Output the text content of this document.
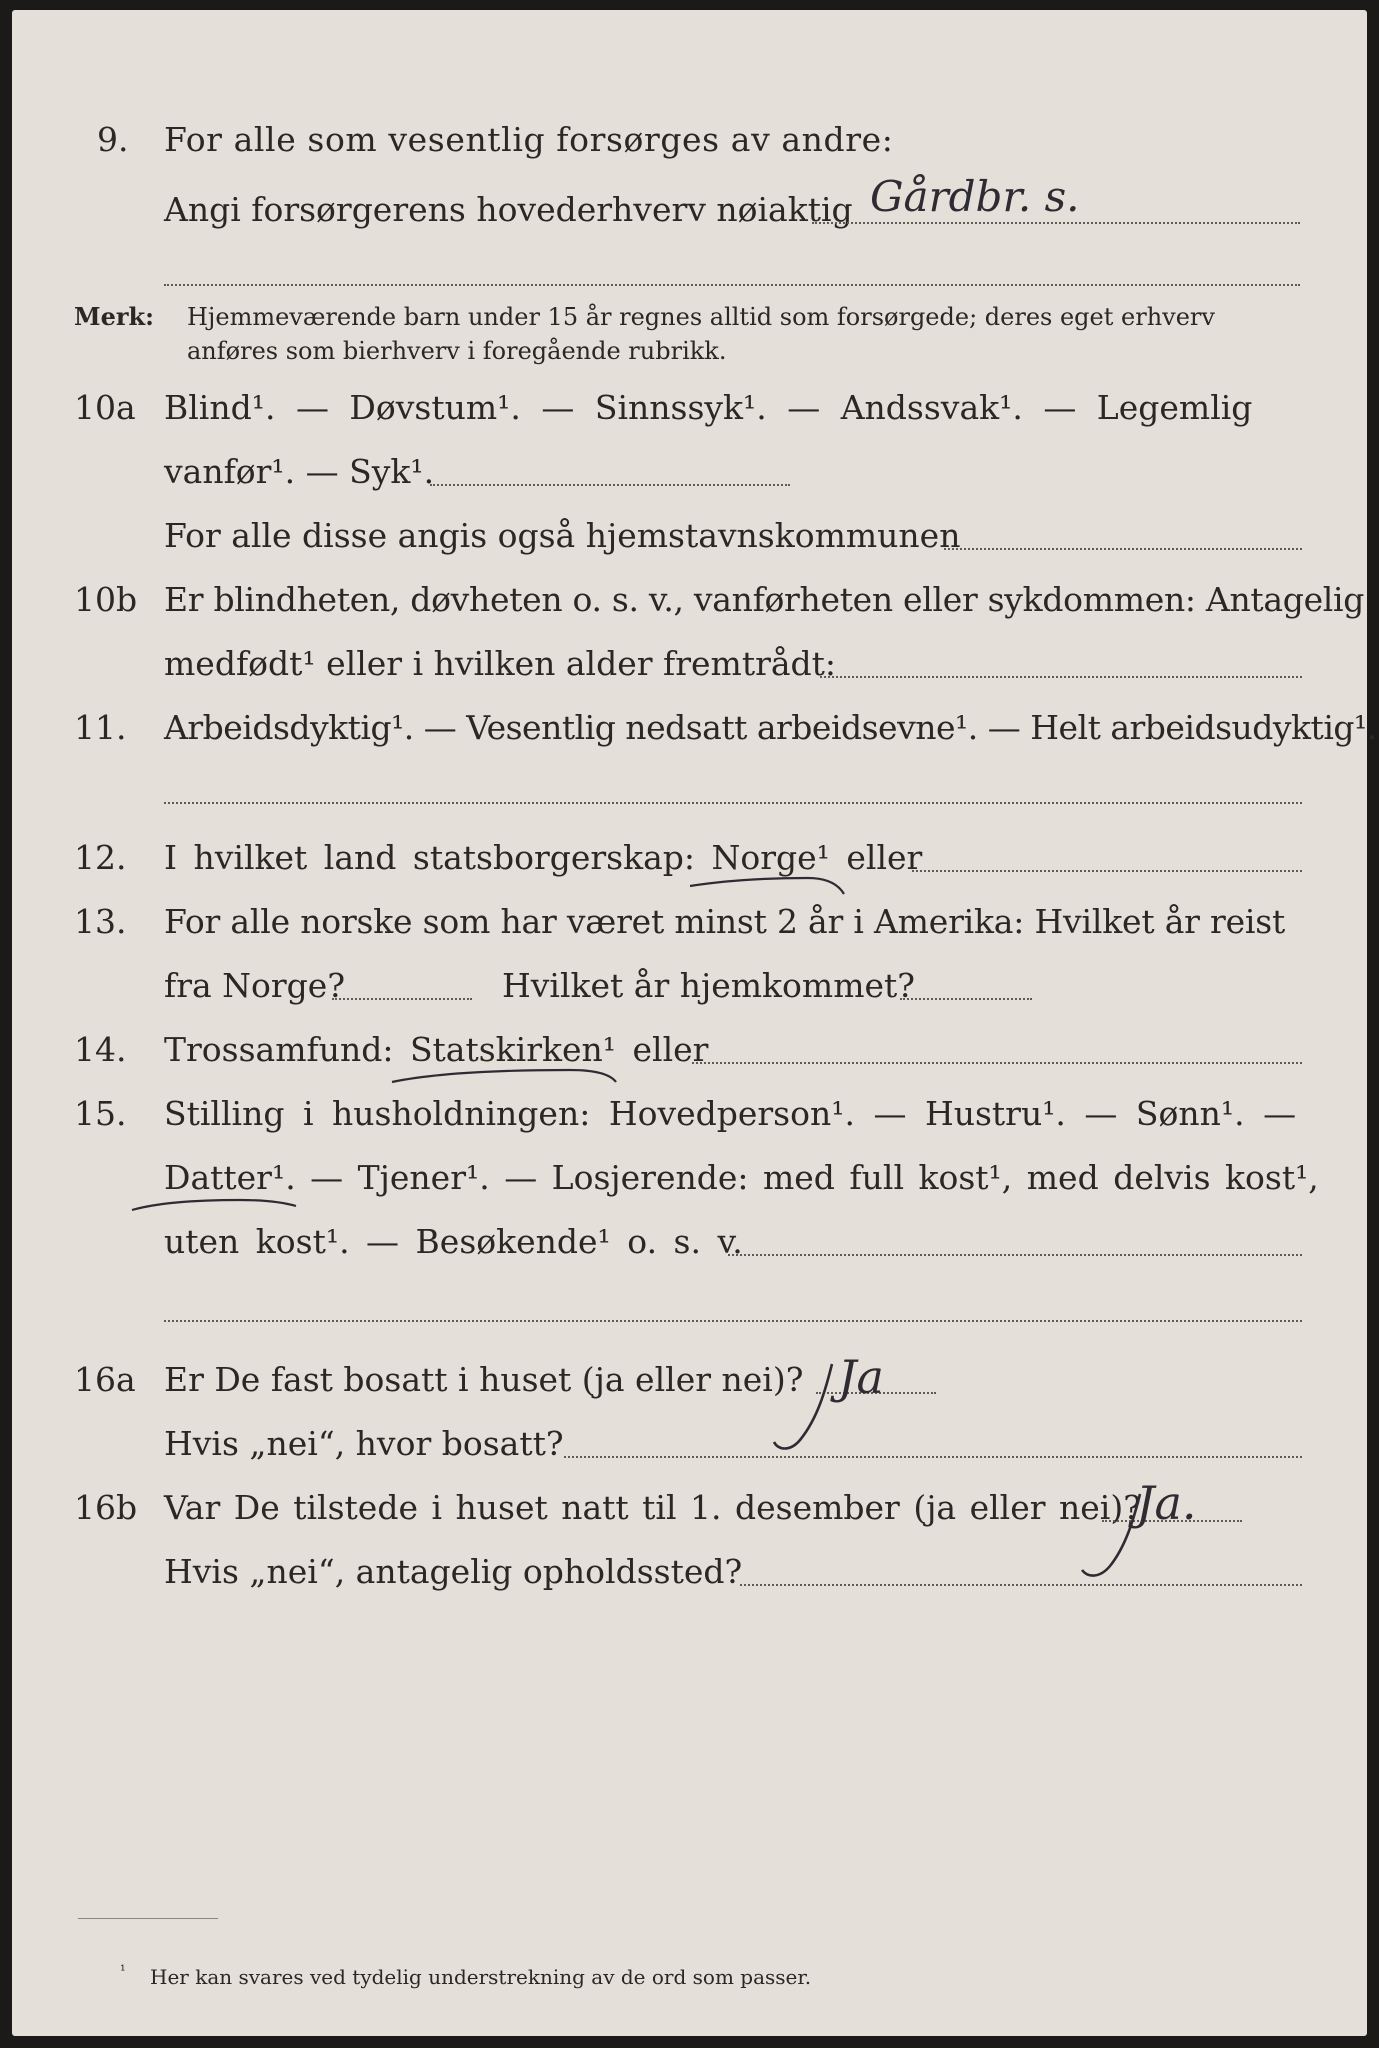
9. For alle som vesentlig forsørges av andre:
Angi forsørgerens hovederhverv nøiaktig Gårdbr. s.
Merk: Hjemmeværende barn under 15 år regnes alltid som forsørgede; deres eget erhverv
anføres som bierhverv i foregående rubrikk.
10a Blind¹. — Døvstum¹. — Sinnssyk¹. — Andssvak¹. — Legemlig
vanfør¹. — Syk¹.
For alle disse angis også hjemstavnskommunen
10b Er blindheten, døvheten o. s. v., vanførheten eller sykdommen: Antagelig
medfødt¹ eller i hvilken alder fremtrådt:
11. Arbeidsdyktig¹. — Vesentlig nedsatt arbeidsevne¹. — Helt arbeidsudyktig¹.
12. I hvilket land statsborgerskap: Norge¹ eller
13. For alle norske som har været minst 2 år i Amerika: Hvilket år reist
fra Norge?	Hvilket år hjemkommet?
14. Trossamfund: Statskirken¹ eller
15. Stilling i husholdningen: Hovedperson¹. — Hustru¹. — Sønn¹. —
Datter¹. — Tjener¹. — Losjerende: med full kost¹, med delvis kost¹,
uten kost¹. — Besøkende¹ o. s. v.
16a Er De fast bosatt i huset (ja eller nei)? Ja
Hvis „nei“, hvor bosatt?
16b Var De tilstede i huset natt til 1. desember (ja eller nei)?
Ja.
Hvis „nei“, antagelig opholdssted?
¹ Her kan svares ved tydelig understrekning av de ord som passer.
